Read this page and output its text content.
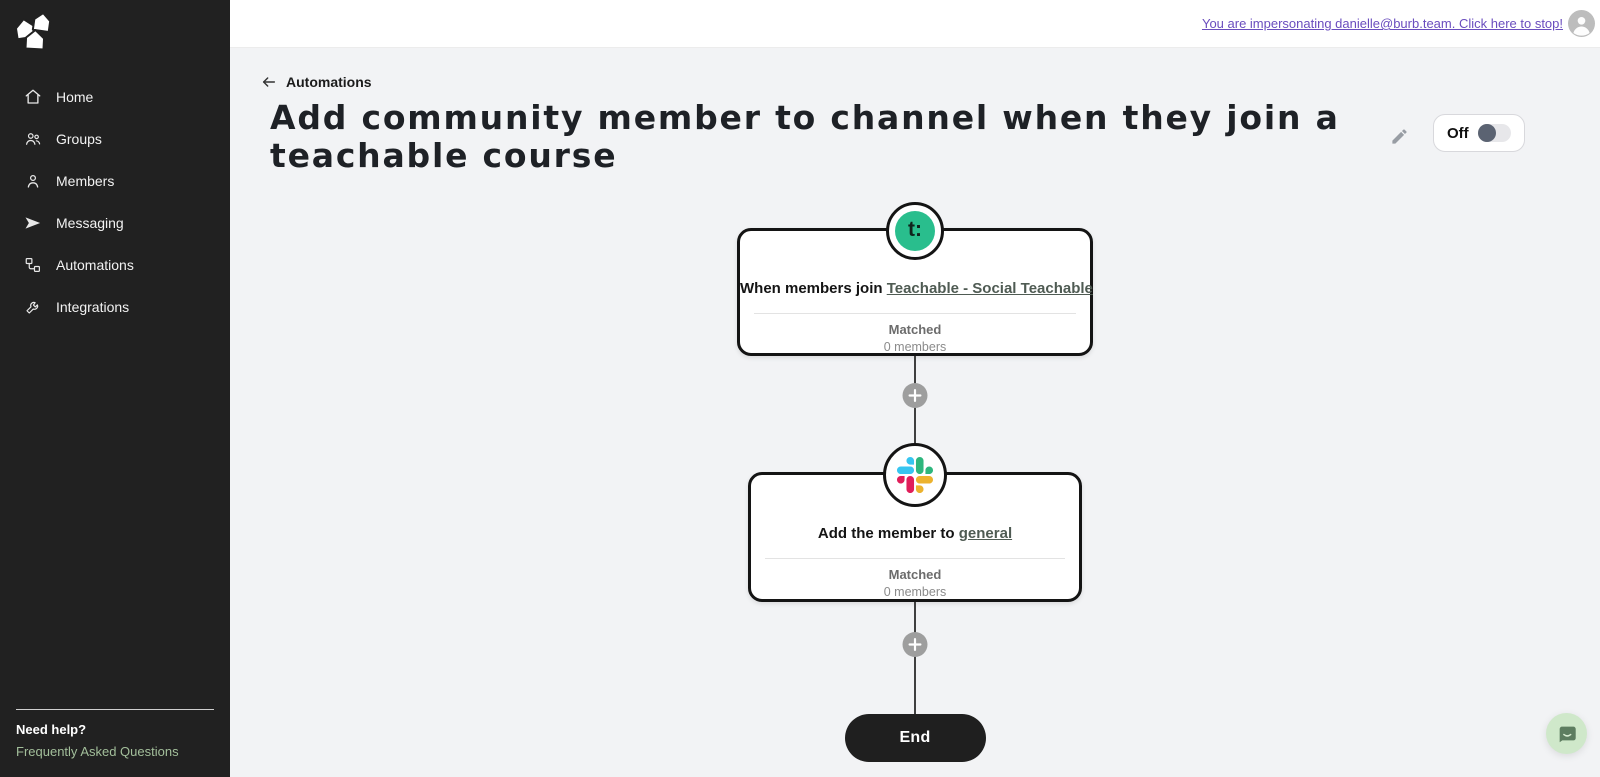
Home
Groups
Members
Messaging
Automations
Integrations
Need help?
Frequently Asked Questions
You are impersonating danielle@burb.team. Click here to stop!
Automations
Add community member to channel when they join a teachable course
Off
t:
When members join Teachable - Social Teachable
Matched
0 members
Add the member to general
Matched
0 members
End
